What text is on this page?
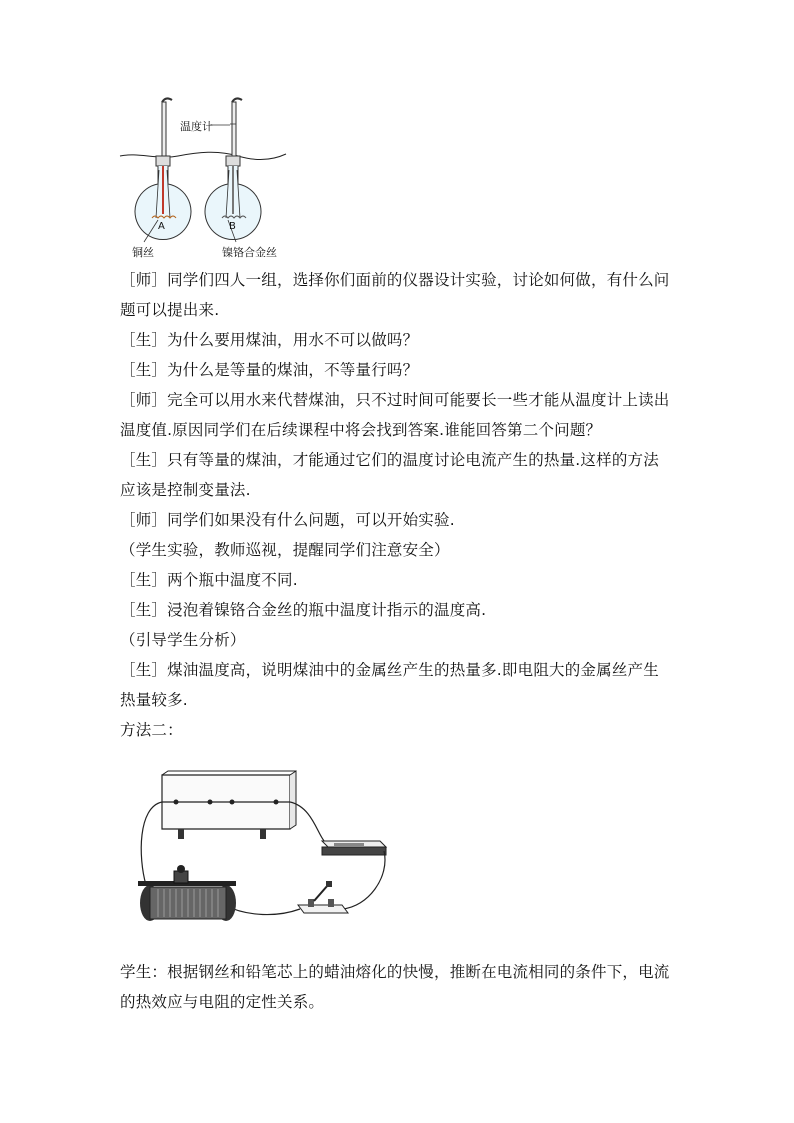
温度计
A	B
铜丝	镍铬合金丝

［师］同学们四人一组，选择你们面前的仪器设计实验，讨论如何做，有什么问

题可以提出来.

［生］为什么要用煤油，用水不可以做吗？

［生］为什么是等量的煤油，不等量行吗？

［师］完全可以用水来代替煤油，只不过时间可能要长一些才能从温度计上读出

温度值.原因同学们在后续课程中将会找到答案.谁能回答第二个问题？

［生］只有等量的煤油，才能通过它们的温度讨论电流产生的热量.这样的方法

应该是控制变量法.

［师］同学们如果没有什么问题，可以开始实验.

（学生实验，教师巡视，提醒同学们注意安全）

［生］两个瓶中温度不同.

［生］浸泡着镍铬合金丝的瓶中温度计指示的温度高.

（引导学生分析）

［生］煤油温度高，说明煤油中的金属丝产生的热量多.即电阻大的金属丝产生

热量较多.

方法二：

学生：根据钢丝和铅笔芯上的蜡油熔化的快慢，推断在电流相同的条件下，电流

的热效应与电阻的定性关系。
